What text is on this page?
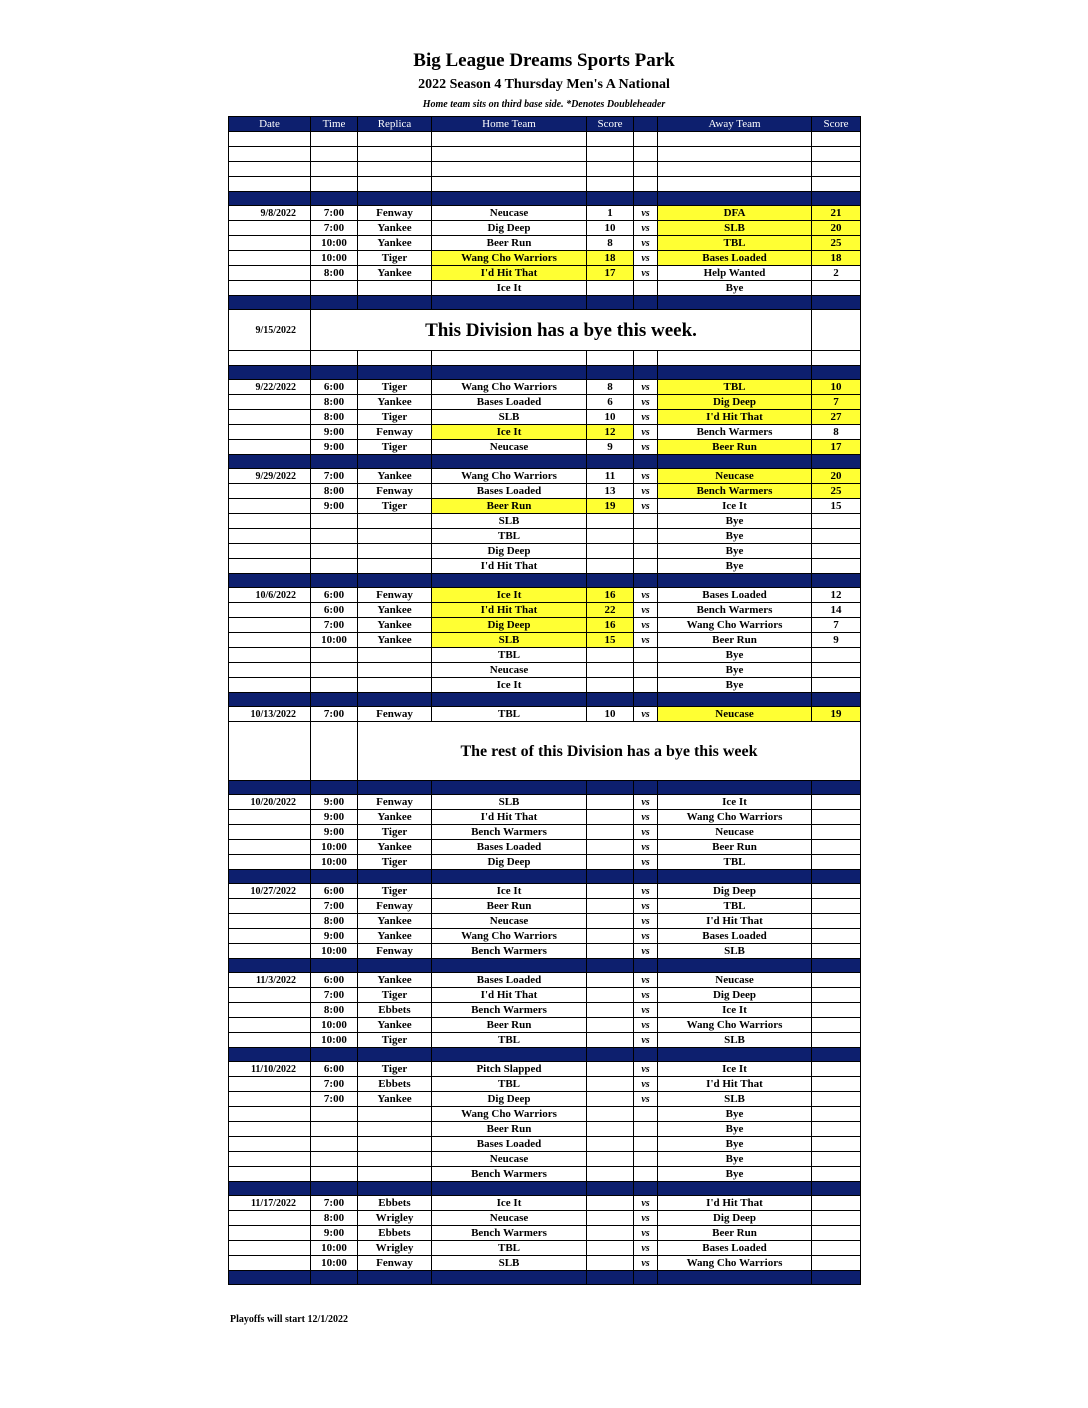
Big League Dreams Sports Park
2022 Season 4 Thursday Men's A National
Home team sits on third base side. *Denotes Doubleheader
Date	Time	Replica	Home Team	Score		Away Team	Score

9/8/2022	7:00	Fenway	Neucase	1	vs	DFA	21
	7:00	Yankee	Dig Deep	10	vs	SLB	20
	10:00	Yankee	Beer Run	8	vs	TBL	25
	10:00	Tiger	Wang Cho Warriors	18	vs	Bases Loaded	18
	8:00	Yankee	I'd Hit That	17	vs	Help Wanted	2
			Ice It			Bye	

9/15/2022	This Division has a bye this week.						

9/22/2022	6:00	Tiger	Wang Cho Warriors	8	vs	TBL	10
	8:00	Yankee	Bases Loaded	6	vs	Dig Deep	7
	8:00	Tiger	SLB	10	vs	I'd Hit That	27
	9:00	Fenway	Ice It	12	vs	Bench Warmers	8
	9:00	Tiger	Neucase	9	vs	Beer Run	17

9/29/2022	7:00	Yankee	Wang Cho Warriors	11	vs	Neucase	20
	8:00	Fenway	Bases Loaded	13	vs	Bench Warmers	25
	9:00	Tiger	Beer Run	19	vs	Ice It	15
			SLB			Bye	
			TBL			Bye	
			Dig Deep			Bye	
			I'd Hit That			Bye	

10/6/2022	6:00	Fenway	Ice It	16	vs	Bases Loaded	12
	6:00	Yankee	I'd Hit That	22	vs	Bench Warmers	14
	7:00	Yankee	Dig Deep	16	vs	Wang Cho Warriors	7
	10:00	Yankee	SLB	15	vs	Beer Run	9
			TBL			Bye	
			Neucase			Bye	
			Ice It			Bye	

10/13/2022	7:00	Fenway	TBL	10	vs	Neucase	19
		The rest of this Division has a bye this week					

10/20/2022	9:00	Fenway	SLB		vs	Ice It	
	9:00	Yankee	I'd Hit That		vs	Wang Cho Warriors	
	9:00	Tiger	Bench Warmers		vs	Neucase	
	10:00	Yankee	Bases Loaded		vs	Beer Run	
	10:00	Tiger	Dig Deep		vs	TBL	

10/27/2022	6:00	Tiger	Ice It		vs	Dig Deep	
	7:00	Fenway	Beer Run		vs	TBL	
	8:00	Yankee	Neucase		vs	I'd Hit That	
	9:00	Yankee	Wang Cho Warriors		vs	Bases Loaded	
	10:00	Fenway	Bench Warmers		vs	SLB	

11/3/2022	6:00	Yankee	Bases Loaded		vs	Neucase	
	7:00	Tiger	I'd Hit That		vs	Dig Deep	
	8:00	Ebbets	Bench Warmers		vs	Ice It	
	10:00	Yankee	Beer Run		vs	Wang Cho Warriors	
	10:00	Tiger	TBL		vs	SLB	

11/10/2022	6:00	Tiger	Pitch Slapped		vs	Ice It	
	7:00	Ebbets	TBL		vs	I'd Hit That	
	7:00	Yankee	Dig Deep		vs	SLB	
			Wang Cho Warriors			Bye	
			Beer Run			Bye	
			Bases Loaded			Bye	
			Neucase			Bye	
			Bench Warmers			Bye	

11/17/2022	7:00	Ebbets	Ice It		vs	I'd Hit That	
	8:00	Wrigley	Neucase		vs	Dig Deep	
	9:00	Ebbets	Bench Warmers		vs	Beer Run	
	10:00	Wrigley	TBL		vs	Bases Loaded	
	10:00	Fenway	SLB		vs	Wang Cho Warriors	

Playoffs will start 12/1/2022
